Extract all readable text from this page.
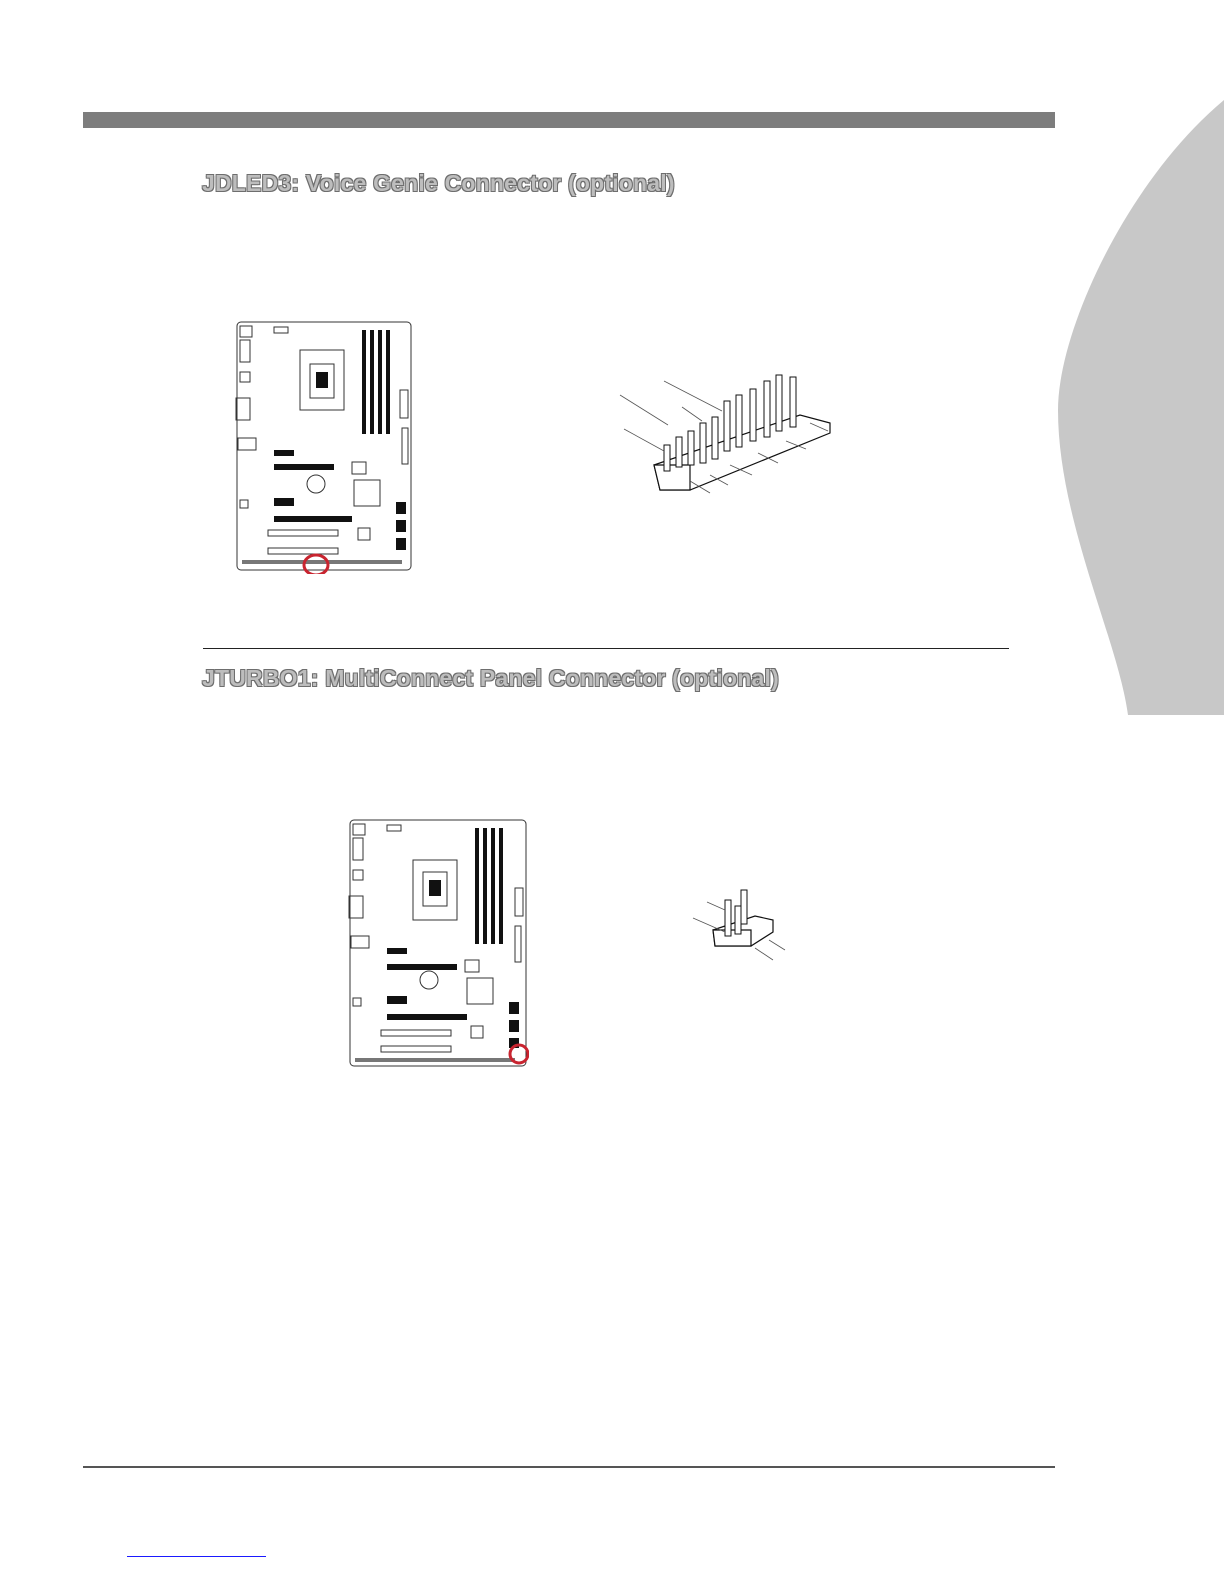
JDLED3: Voice Genie Connector (optional)
JTURBO1: MultiConnect Panel Connector (optional)
